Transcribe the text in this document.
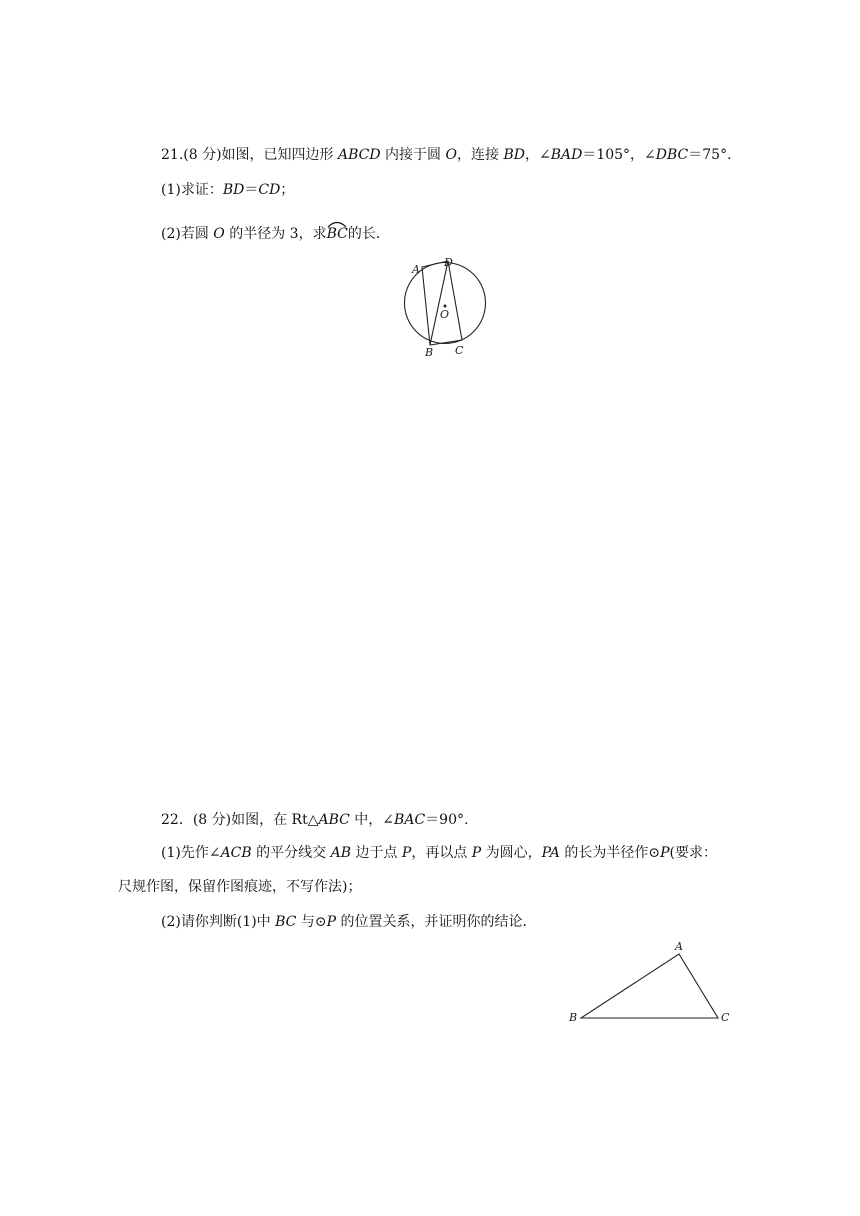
21.(8 分)如图，已知四边形 ABCD 内接于圆 O，连接 BD，∠BAD＝105°，∠DBC＝75°.
(1)求证：BD＝CD；
(2)若圆 O 的半径为 3，求
BC的长．
A
D
O
B C
22．(8 分)如图，在 Rt△ABC 中，∠BAC＝90°.
(1)先作∠ACB 的平分线交 AB 边于点 P，再以点 P 为圆心，PA 的长为半径作⊙P(要求：
尺规作图，保留作图痕迹，不写作法)；
(2)请你判断(1)中 BC 与⊙P 的位置关系，并证明你的结论．
A
B	C
